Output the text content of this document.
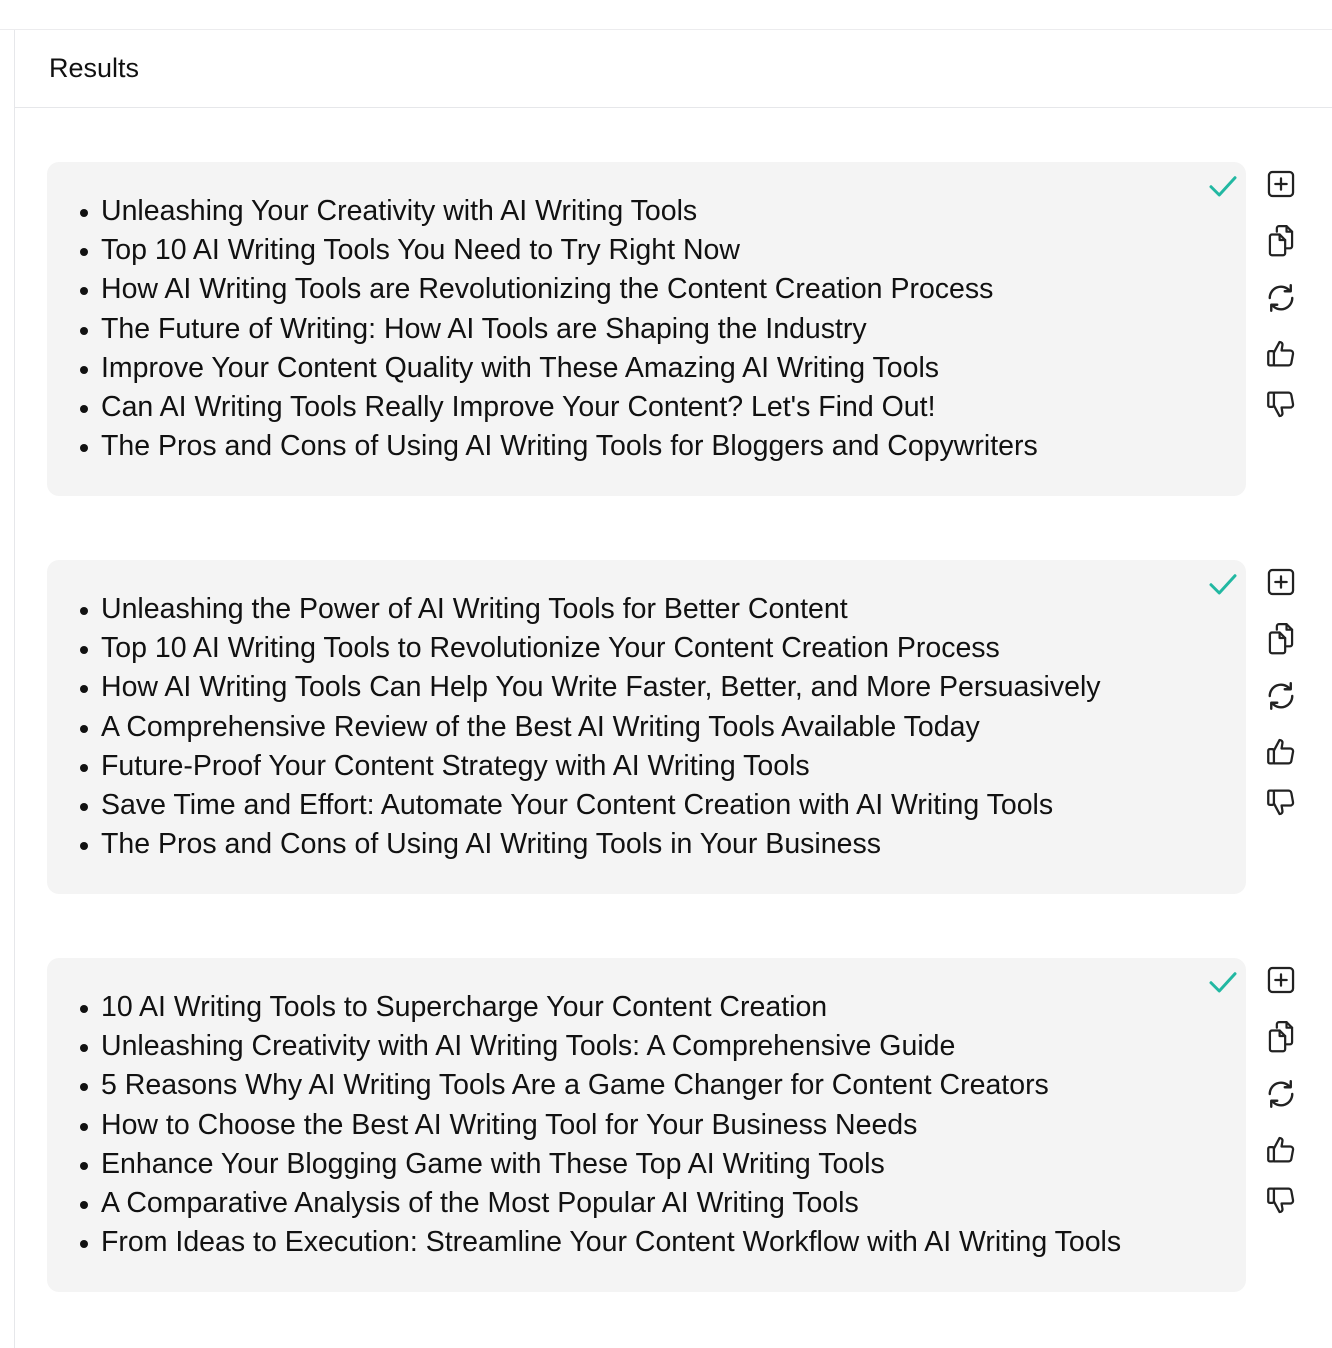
Results
Unleashing Your Creativity with AI Writing Tools
Top 10 AI Writing Tools You Need to Try Right Now
How AI Writing Tools are Revolutionizing the Content Creation Process
The Future of Writing: How AI Tools are Shaping the Industry
Improve Your Content Quality with These Amazing AI Writing Tools
Can AI Writing Tools Really Improve Your Content? Let's Find Out!
The Pros and Cons of Using AI Writing Tools for Bloggers and Copywriters
Unleashing the Power of AI Writing Tools for Better Content
Top 10 AI Writing Tools to Revolutionize Your Content Creation Process
How AI Writing Tools Can Help You Write Faster, Better, and More Persuasively
A Comprehensive Review of the Best AI Writing Tools Available Today
Future-Proof Your Content Strategy with AI Writing Tools
Save Time and Effort: Automate Your Content Creation with AI Writing Tools
The Pros and Cons of Using AI Writing Tools in Your Business
10 AI Writing Tools to Supercharge Your Content Creation
Unleashing Creativity with AI Writing Tools: A Comprehensive Guide
5 Reasons Why AI Writing Tools Are a Game Changer for Content Creators
How to Choose the Best AI Writing Tool for Your Business Needs
Enhance Your Blogging Game with These Top AI Writing Tools
A Comparative Analysis of the Most Popular AI Writing Tools
From Ideas to Execution: Streamline Your Content Workflow with AI Writing Tools
